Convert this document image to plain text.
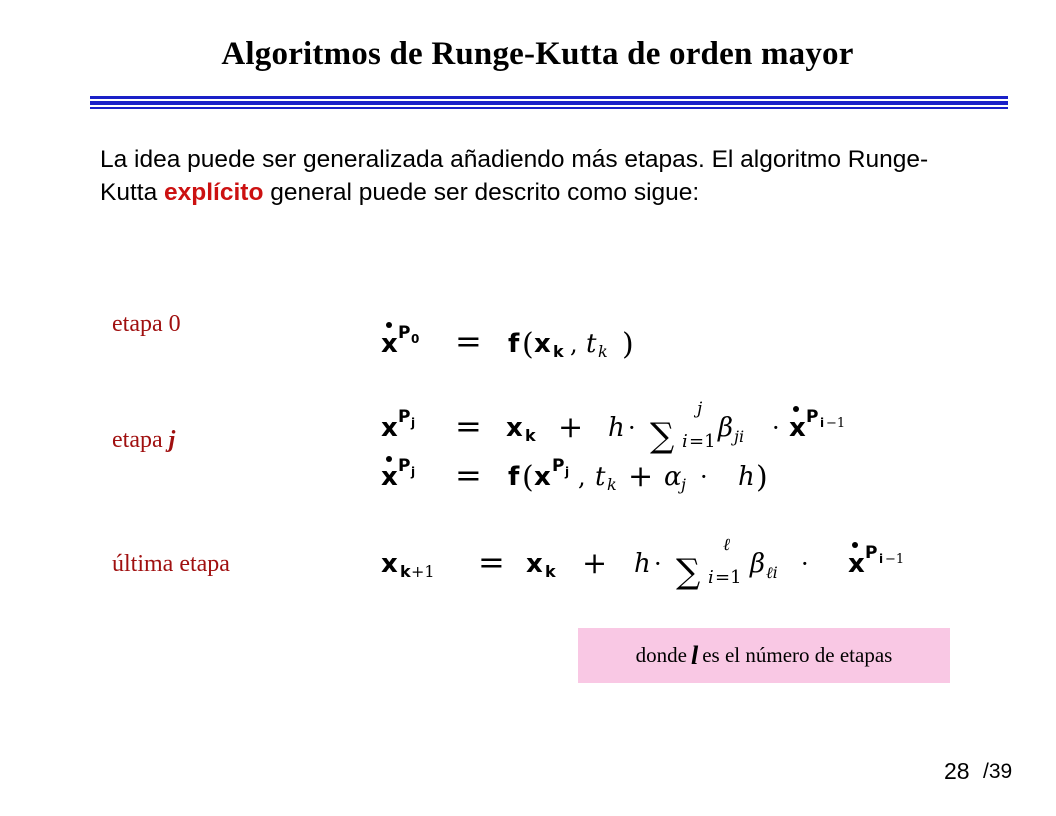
Algoritmos de Runge-Kutta de orden mayor
La idea puede ser generalizada añadiendo más etapas. El algoritmo Runge-Kutta explícito general puede ser descrito como sigue:
etapa 0
etapa j
última etapa
x P 0 = f ( x k , t k )
x P j = x k + h · ∑
j
i =1 β ji · x P i −1
x P j = f ( x P j , t k + α j · h )
x k +1 = x k + h · ∑
ℓ
i =1 β ℓi · x P i −1
donde l es el número de etapas
28 /39
